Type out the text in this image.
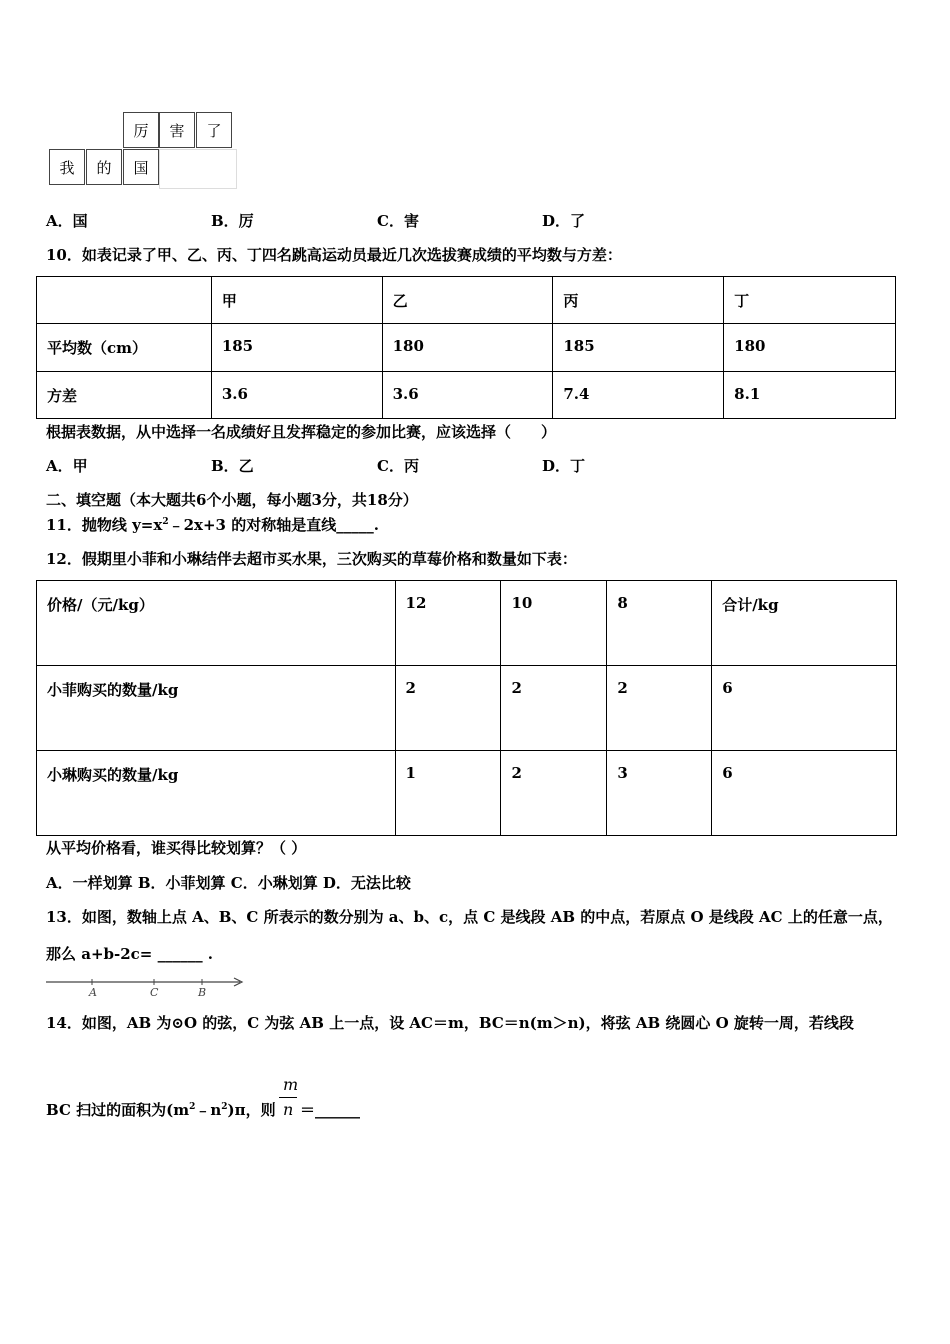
厉	害	了
我	的	国
A．国	B．厉	C．害	D．了
10．如表记录了甲、乙、丙、丁四名跳高运动员最近几次选拔赛成绩的平均数与方差：
	甲	乙	丙	丁
平均数（cm）	185	180	185	180
方差	3.6	3.6	7.4	8.1
根据表数据，从中选择一名成绩好且发挥稳定的参加比赛，应该选择（　　）
A．甲	B．乙	C．丙	D．丁
二、填空题（本大题共6个小题，每小题3分，共18分）
11．抛物线 $y=x^2﹣2x+3$ 的对称轴是直线_____.
12．假期里小菲和小琳结伴去超市买水果，三次购买的草莓价格和数量如下表：
价格/（元/kg）	12	10	8	合计/kg
小菲购买的数量/kg	2	2	2	6
小琳购买的数量/kg	1	2	3	6
从平均价格看，谁买得比较划算？（ ）
A．一样划算 B．小菲划算 C．小琳划算 D．无法比较
13．如图，数轴上点 A、B、C 所表示的数分别为 a、b、c，点 C 是线段 AB 的中点，若原点 O 是线段 AC 上的任意一点，
那么 a+b-2c= ______ .
A	C	B
14．如图，AB 为⊙O 的弦，C 为弦 AB 上一点，设 AC＝m，BC＝n(m＞n)，将弦 AB 绕圆心 O 旋转一周，若线段
BC 扫过的面积为$(m^2﹣n^2)\pi$，则
m
n ＝______
